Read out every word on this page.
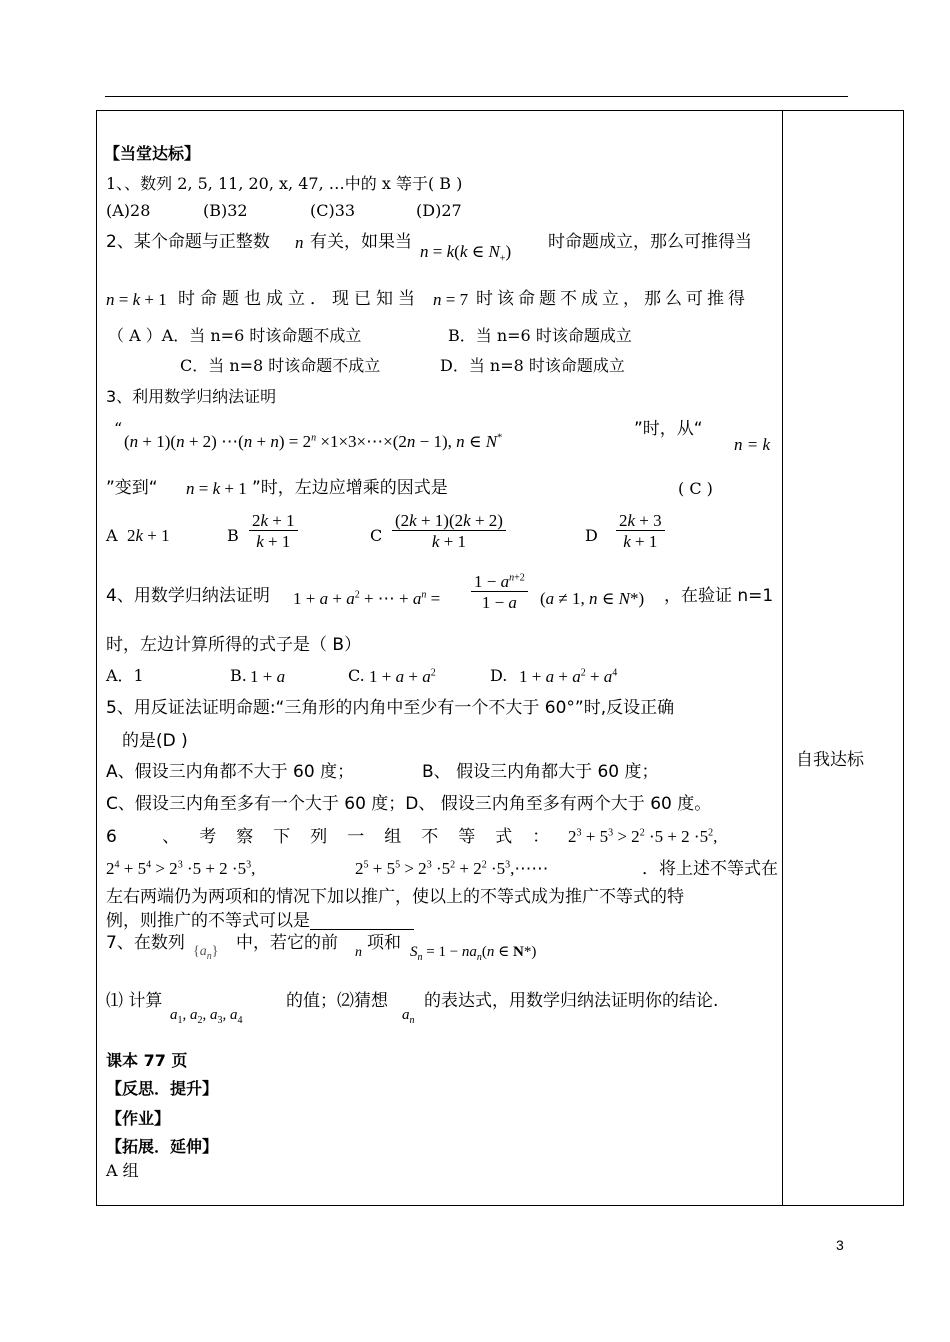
自我达标
【当堂达标】
1、、数列 2, 5, 11, 20, x, 47, …中的 x 等于( B )
(A)28	(B)32	(C)33	(D)27
2、某个命题与正整数 n 有关，如果当 n = k(k ∈ $N_+$) 时命题成立，那么可推得当
n = k + 1 时命题也成立．现已知当 n = 7 时该命题不成立，那么可推得
（ A ）A．当 n=6 时该命题不成立	B．当 n=6 时该命题成立
C．当 n=8 时该命题不成立	D．当 n=8 时该命题成立
3、利用数学归纳法证明
“
(n + 1)(n + 2) ⋯(n + $n) = 2^n$ ×1×3×⋯×(2n − 1), n ∈ N*	”时，从“
n = k
”变到“ n = k + 1 ”时，左边应增乘的因式是	( C )
A 2k + 1	B $\frac{2k + 1}{k + 1}$	C $\frac{(2k + 1)(2k + 2)}{k + 1}$	D $\frac{2k + 3}{k + 1}$
4、用数学归纳法证明 $1 + a + a^2$ + ⋯ + $a^n = \frac{1 - a^{n+2}}{1 - a} (a \ne 1$, n ∈ N*) ，在验证 n=1
时，左边计算所得的式子是（ B）
A．1	B. 1 + a	C. $1 + a + a^2$	D. $1 + a + a^2 + a^4$
5、用反证法证明命题:“三角形的内角中至少有一个不大于 60°”时,反设正确
的是(D )
A、假设三内角都不大于 60 度；	B、 假设三内角都大于 60 度；
C、假设三内角至多有一个大于 60 度；D、 假设三内角至多有两个大于 60 度。
6 、考察下列一组不等式：
$2^3 + 5^3 > 2^2 \cdot 5 + 2 \cdot 5^2$,
$2^4 + 5^4 > 2^3 \cdot 5 + 2 \cdot 5^3$,	$2^5 + 5^5 > 2^3 \cdot 5^2 + 2^2$ $\cdot 5^3,\cdots\cdots$	．将上述不等式在
左右两端仍为两项和的情况下加以推广，使以上的不等式成为推广不等式的特
例，则推广的不等式可以是
7、在数列 $\{a_n\}$ 中，若它的前 n 项和 $S_n = 1 - na_n(n$ ∈ N*)
⑴ 计算
$a_1$, $a_2$, $a_3$, $a_4$
的值；⑵猜想
$a_n$
的表达式，用数学归纳法证明你的结论.
课本 77 页
【反思．提升】
【作业】
【拓展．延伸】
A 组
3
